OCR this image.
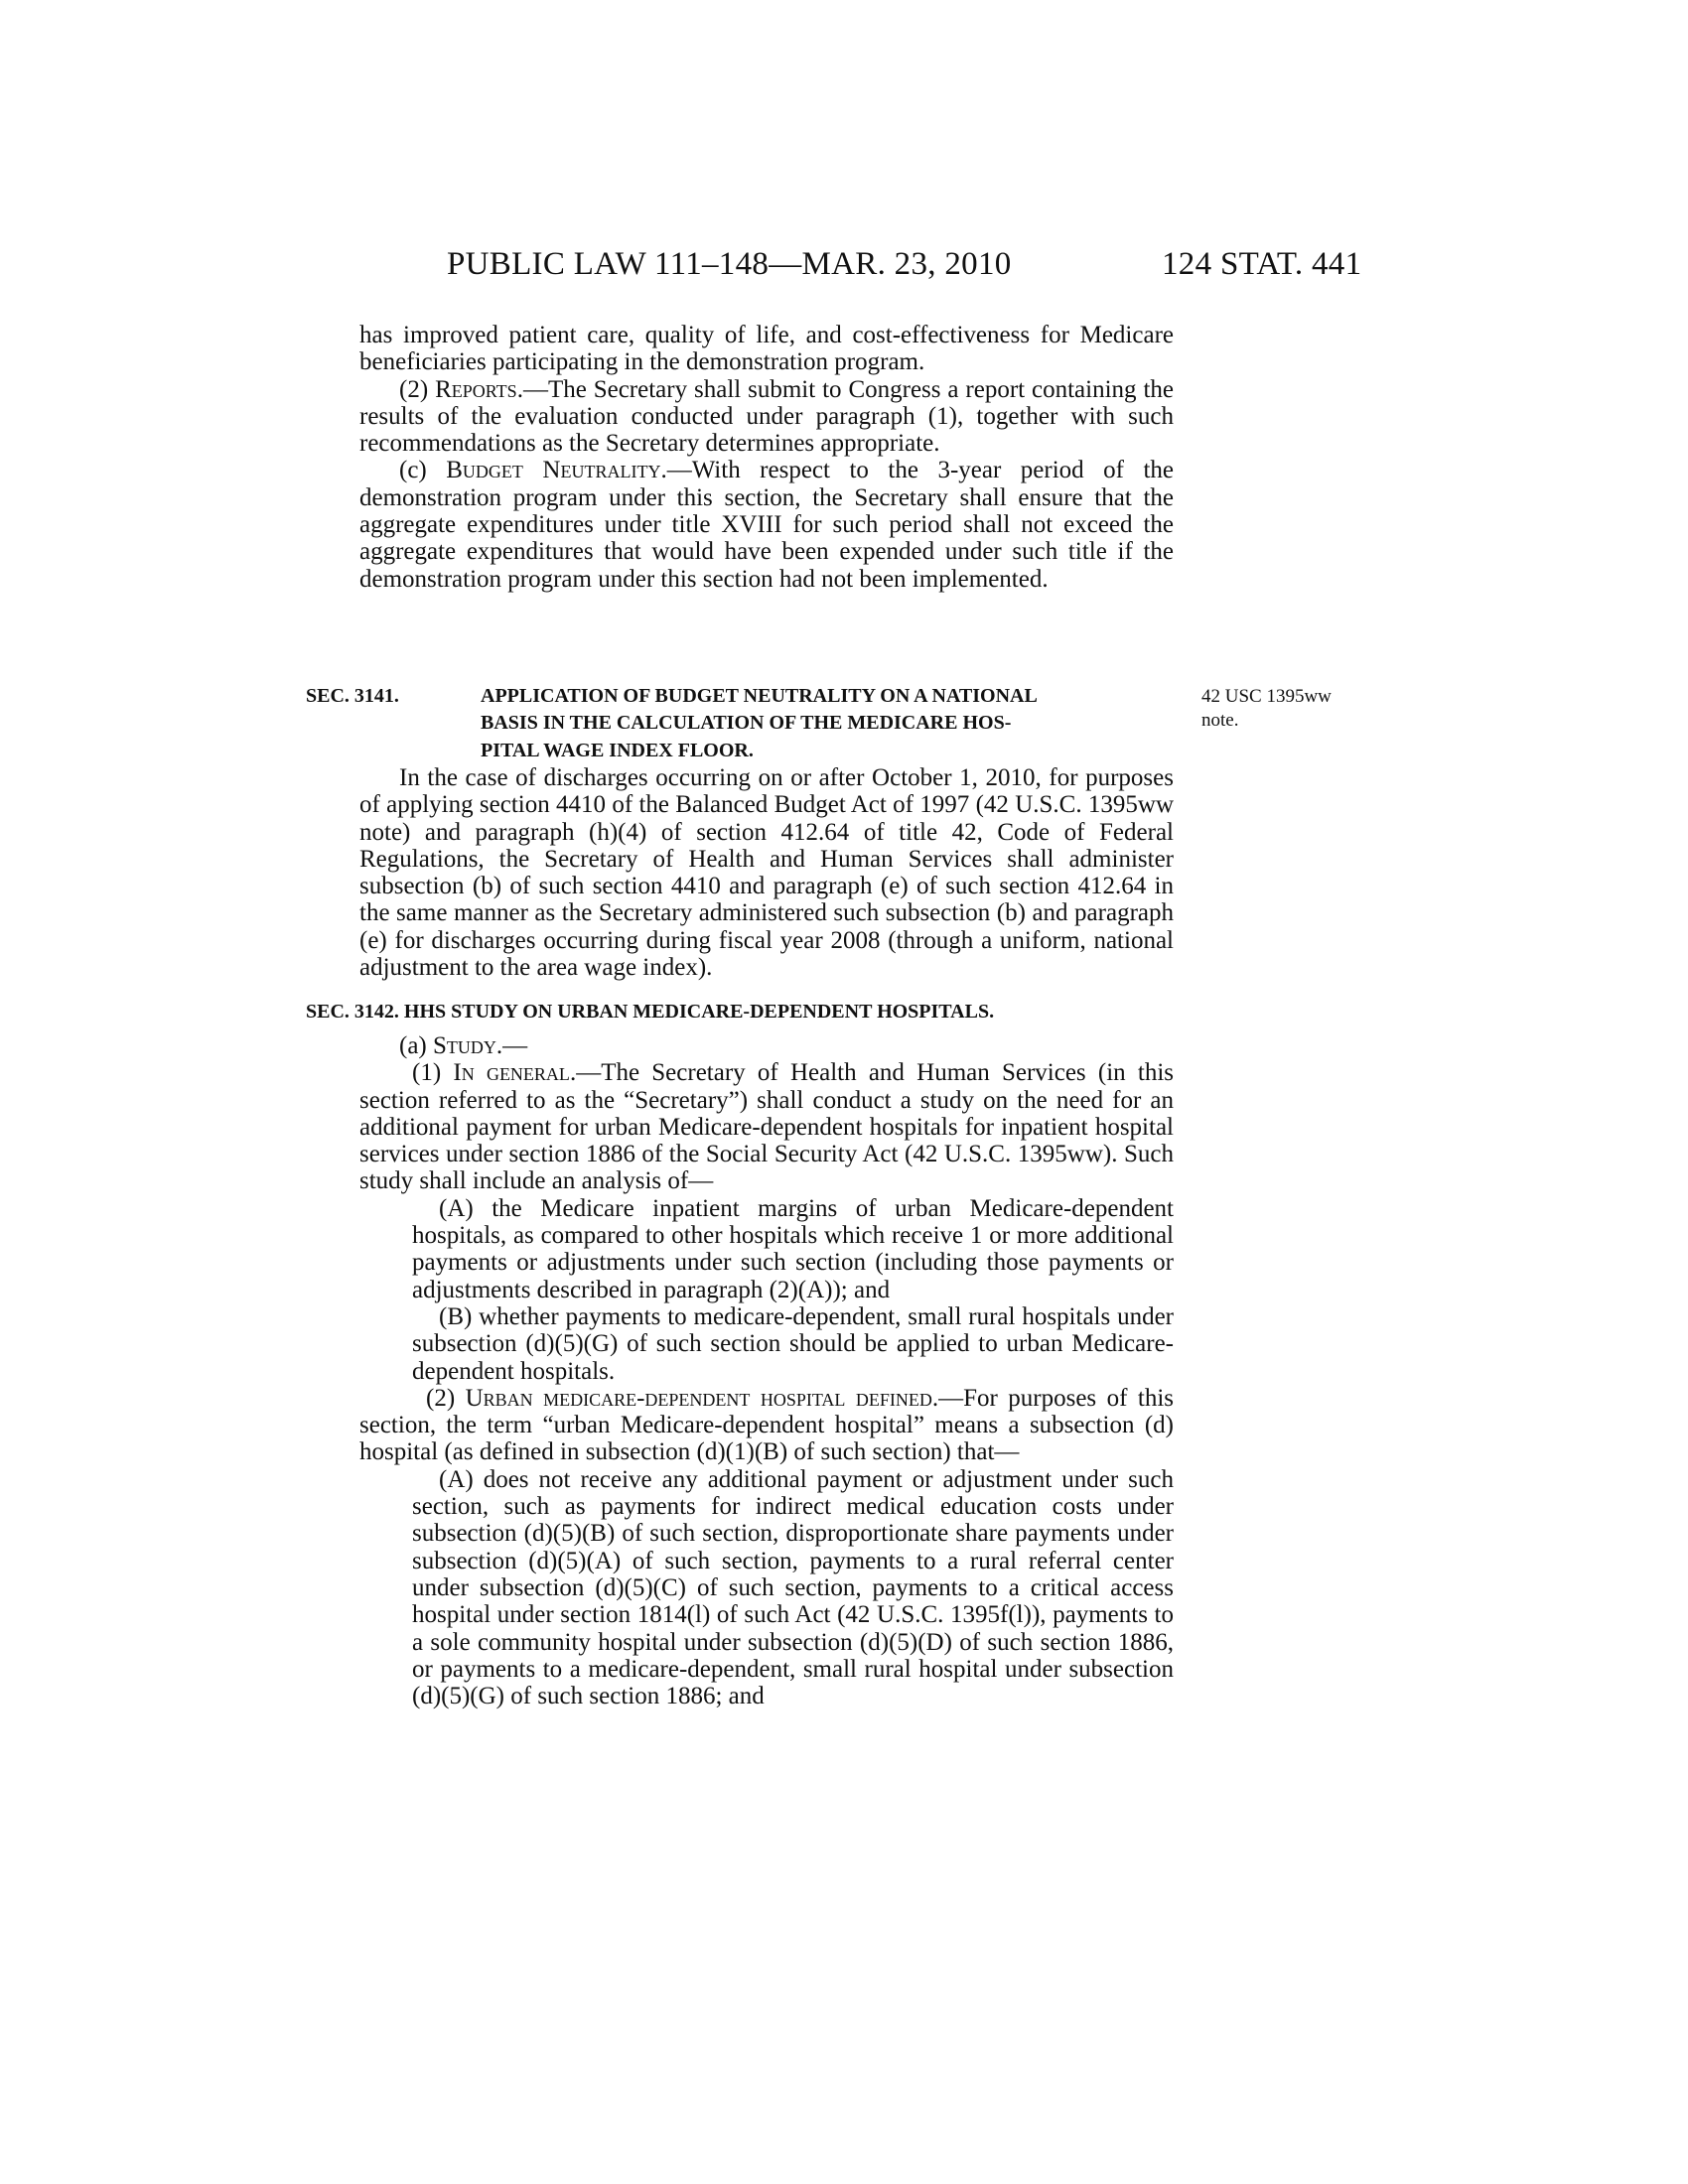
PUBLIC LAW 111–148—MAR. 23, 2010	124 STAT. 441

has improved patient care, quality of life, and cost-effectiveness for Medicare beneficiaries participating in the demonstration program.

(2) Reports.—The Secretary shall submit to Congress a report containing the results of the evaluation conducted under paragraph (1), together with such recommendations as the Secretary determines appropriate.

(c) Budget Neutrality.—With respect to the 3-year period of the demonstration program under this section, the Secretary shall ensure that the aggregate expenditures under title XVIII for such period shall not exceed the aggregate expenditures that would have been expended under such title if the demonstration program under this section had not been implemented.

SEC. 3141.	APPLICATION OF BUDGET NEUTRALITY ON A NATIONAL

BASIS IN THE CALCULATION OF THE MEDICARE HOS-

PITAL WAGE INDEX FLOOR.

42 USC 1395ww
note.

In the case of discharges occurring on or after October 1, 2010, for purposes of applying section 4410 of the Balanced Budget Act of 1997 (42 U.S.C. 1395ww note) and paragraph (h)(4) of section 412.64 of title 42, Code of Federal Regulations, the Secretary of Health and Human Services shall administer subsection (b) of such section 4410 and paragraph (e) of such section 412.64 in the same manner as the Secretary administered such subsection (b) and paragraph (e) for discharges occurring during fiscal year 2008 (through a uniform, national adjustment to the area wage index).

SEC. 3142. HHS STUDY ON URBAN MEDICARE-DEPENDENT HOSPITALS.

(a) Study.—

(1) In general.—The Secretary of Health and Human Services (in this section referred to as the “Secretary”) shall conduct a study on the need for an additional payment for urban Medicare-dependent hospitals for inpatient hospital services under section 1886 of the Social Security Act (42 U.S.C. 1395ww). Such study shall include an analysis of—

(A) the Medicare inpatient margins of urban Medicare-dependent hospitals, as compared to other hospitals which receive 1 or more additional payments or adjustments under such section (including those payments or adjustments described in paragraph (2)(A)); and

(B) whether payments to medicare-dependent, small rural hospitals under subsection (d)(5)(G) of such section should be applied to urban Medicare-dependent hospitals.

(2) Urban medicare-dependent hospital defined.—For purposes of this section, the term “urban Medicare-dependent hospital” means a subsection (d) hospital (as defined in subsection (d)(1)(B) of such section) that—

(A) does not receive any additional payment or adjustment under such section, such as payments for indirect medical education costs under subsection (d)(5)(B) of such section, disproportionate share payments under subsection (d)(5)(A) of such section, payments to a rural referral center under subsection (d)(5)(C) of such section, payments to a critical access hospital under section 1814(l) of such Act (42 U.S.C. 1395f(l)), payments to a sole community hospital under subsection (d)(5)(D) of such section 1886, or payments to a medicare-dependent, small rural hospital under subsection (d)(5)(G) of such section 1886; and
